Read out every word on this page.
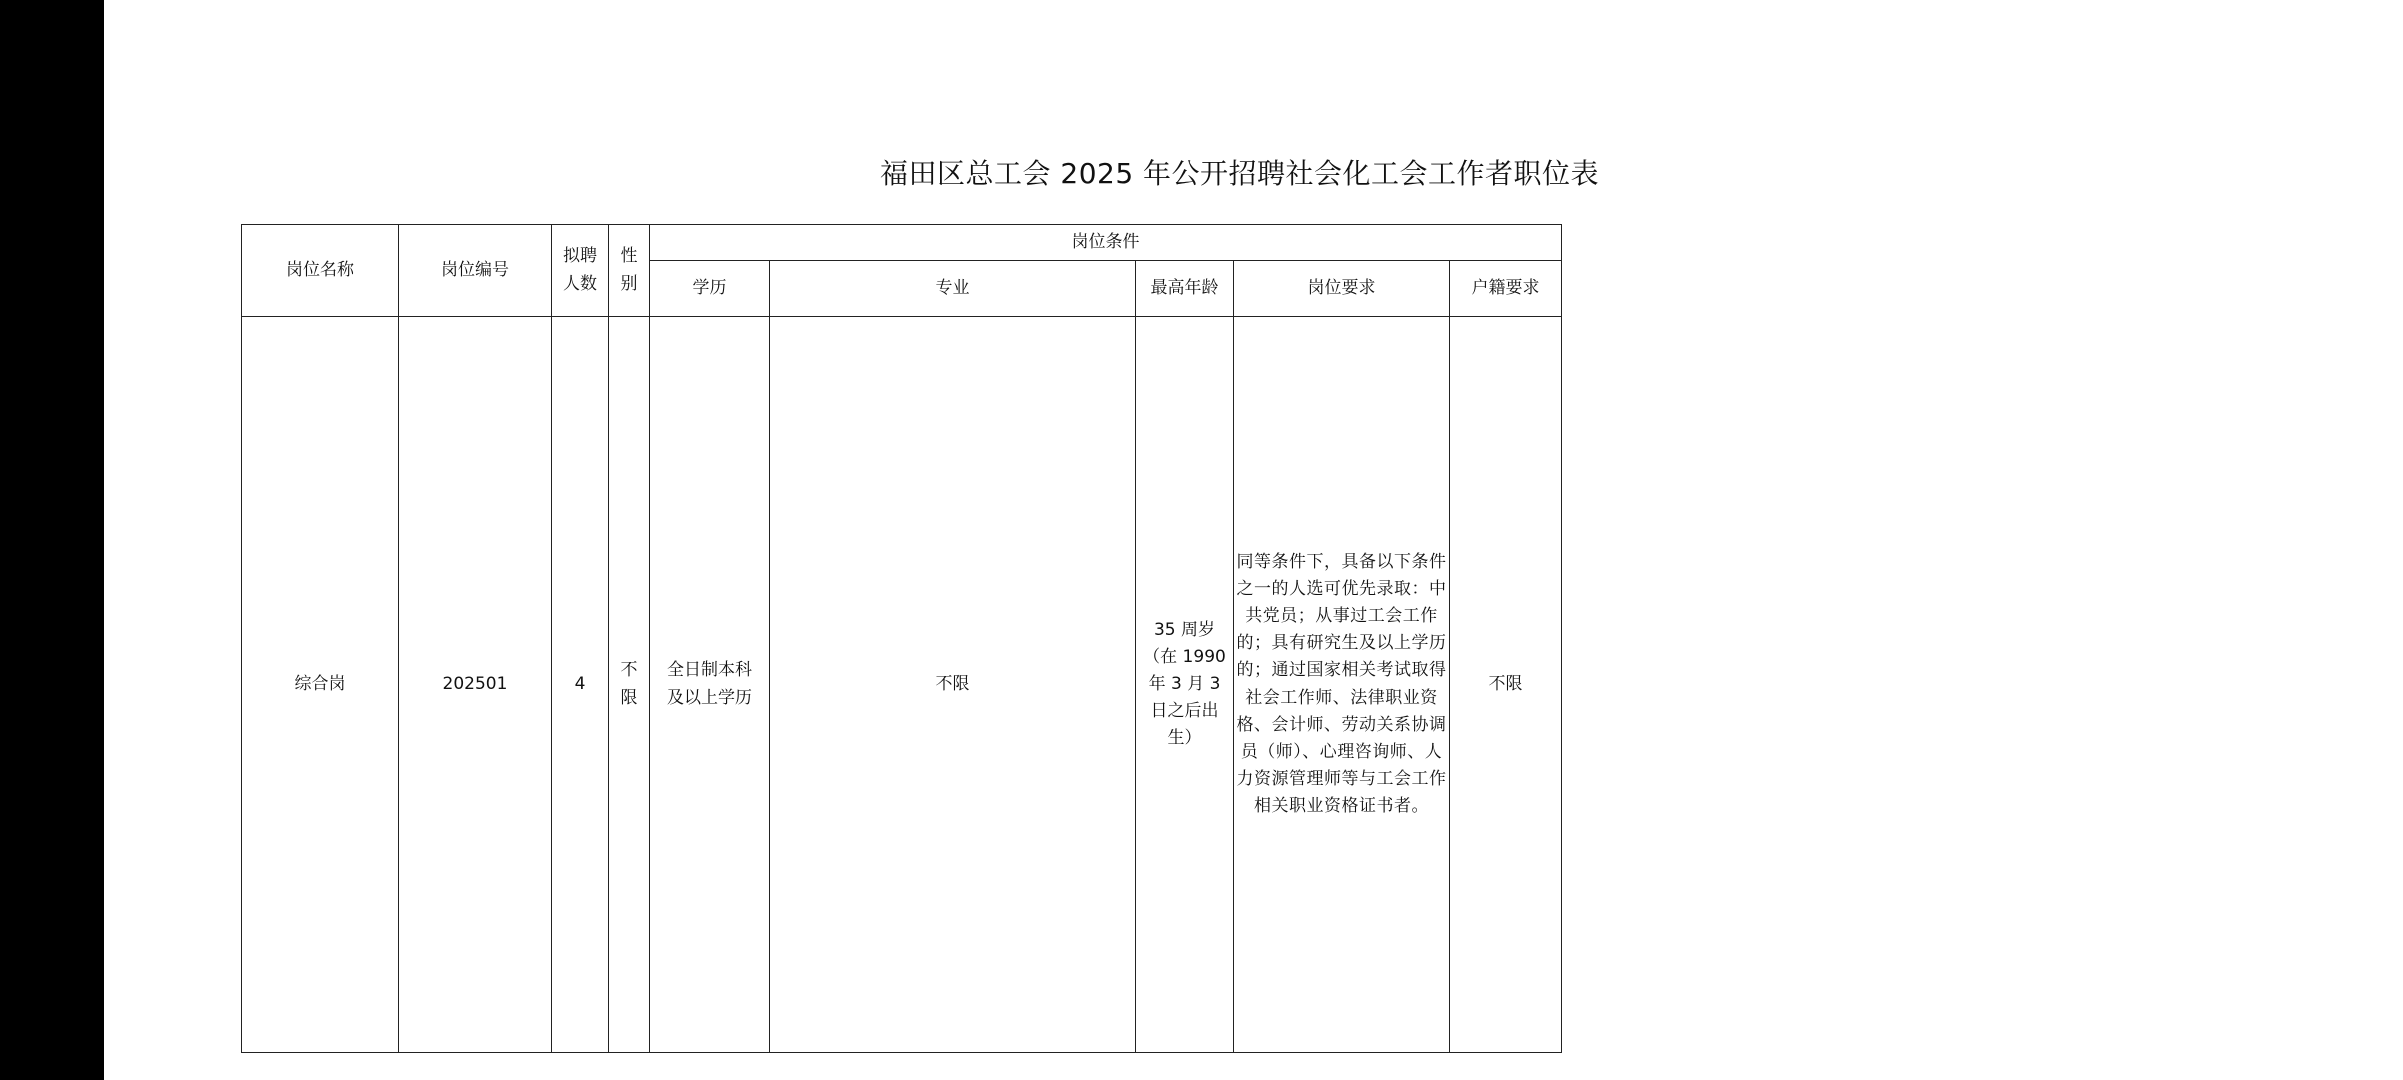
福田区总工会 2025 年公开招聘社会化工会工作者职位表
岗位名称	岗位编号	拟聘人数	性别	岗位条件				
				学历	专业	最高年龄	岗位要求	户籍要求
综合岗	202501	4	不限	全日制本科及以上学历	不限	35 周岁（在 1990 年 3 月 3 日之后出生）	同等条件下，具备以下条件之一的人选可优先录取：中共党员；从事过工会工作的；具有研究生及以上学历的；通过国家相关考试取得社会工作师、法律职业资格、会计师、劳动关系协调员（师）、心理咨询师、人力资源管理师等与工会工作相关职业资格证书者。	不限
